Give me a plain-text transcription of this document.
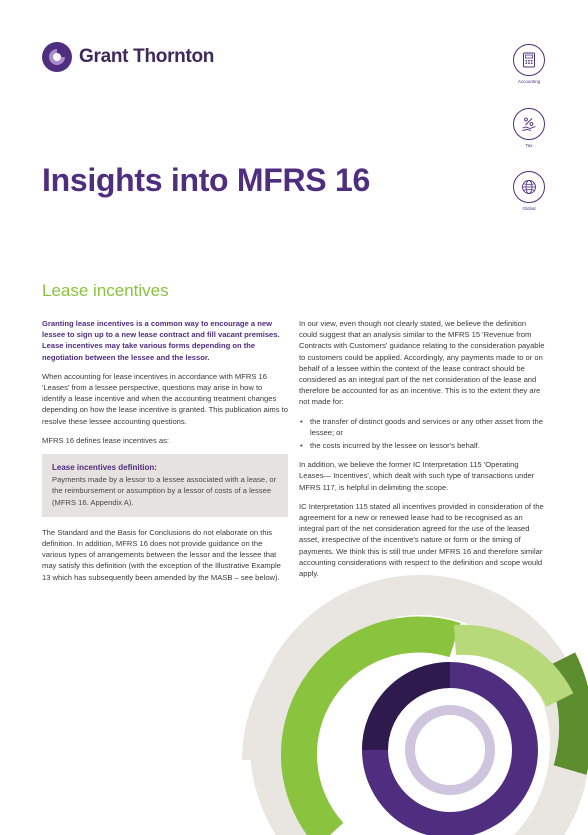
Grant Thornton
Accounting
Tax
Global
Insights into MFRS 16
Lease incentives

Granting lease incentives is a common way to encourage a new lessee to sign up to a new lease contract and fill vacant premises. Lease incentives may take various forms depending on the negotiation between the lessee and the lessor.

When accounting for lease incentives in accordance with MFRS 16 'Leases' from a lessee perspective, questions may arise in how to identify a lease incentive and when the accounting treatment changes depending on how the lease incentive is granted. This publication aims to resolve these lessee accounting questions.

MFRS 16 defines lease incentives as:

Lease incentives definition:
Payments made by a lessor to a lessee associated with a lease, or the reimbursement or assumption by a lessor of costs of a lessee (MFRS 16. Appendix A).

The Standard and the Basis for Conclusions do not elaborate on this definition. In addition, MFRS 16 does not provide guidance on the various types of arrangements between the lessor and the lessee that may satisfy this definition (with the exception of the Illustrative Example 13 which has subsequently been amended by the MASB – see below).

In our view, even though not clearly stated, we believe the definition could suggest that an analysis similar to the MFRS 15 'Revenue from Contracts with Customers' guidance relating to the consideration payable to customers could be applied. Accordingly, any payments made to or on behalf of a lessee within the context of the lease contract should be considered as an integral part of the net consideration of the lease and therefore be accounted for as an incentive. This is to the extent they are not made for:

• the transfer of distinct goods and services or any other asset from the lessee; or
• the costs incurred by the lessee on lessor's behalf.

In addition, we believe the former IC Interpretation 115 'Operating Leases— Incentives', which dealt with such type of transactions under MFRS 117, is helpful in delimiting the scope.

IC Interpretation 115 stated all incentives provided in consideration of the agreement for a new or renewed lease had to be recognised as an integral part of the net consideration agreed for the use of the leased asset, irrespective of the incentive's nature or form or the timing of payments. We think this is still true under MFRS 16 and therefore similar accounting considerations with respect to the definition and scope would apply.
